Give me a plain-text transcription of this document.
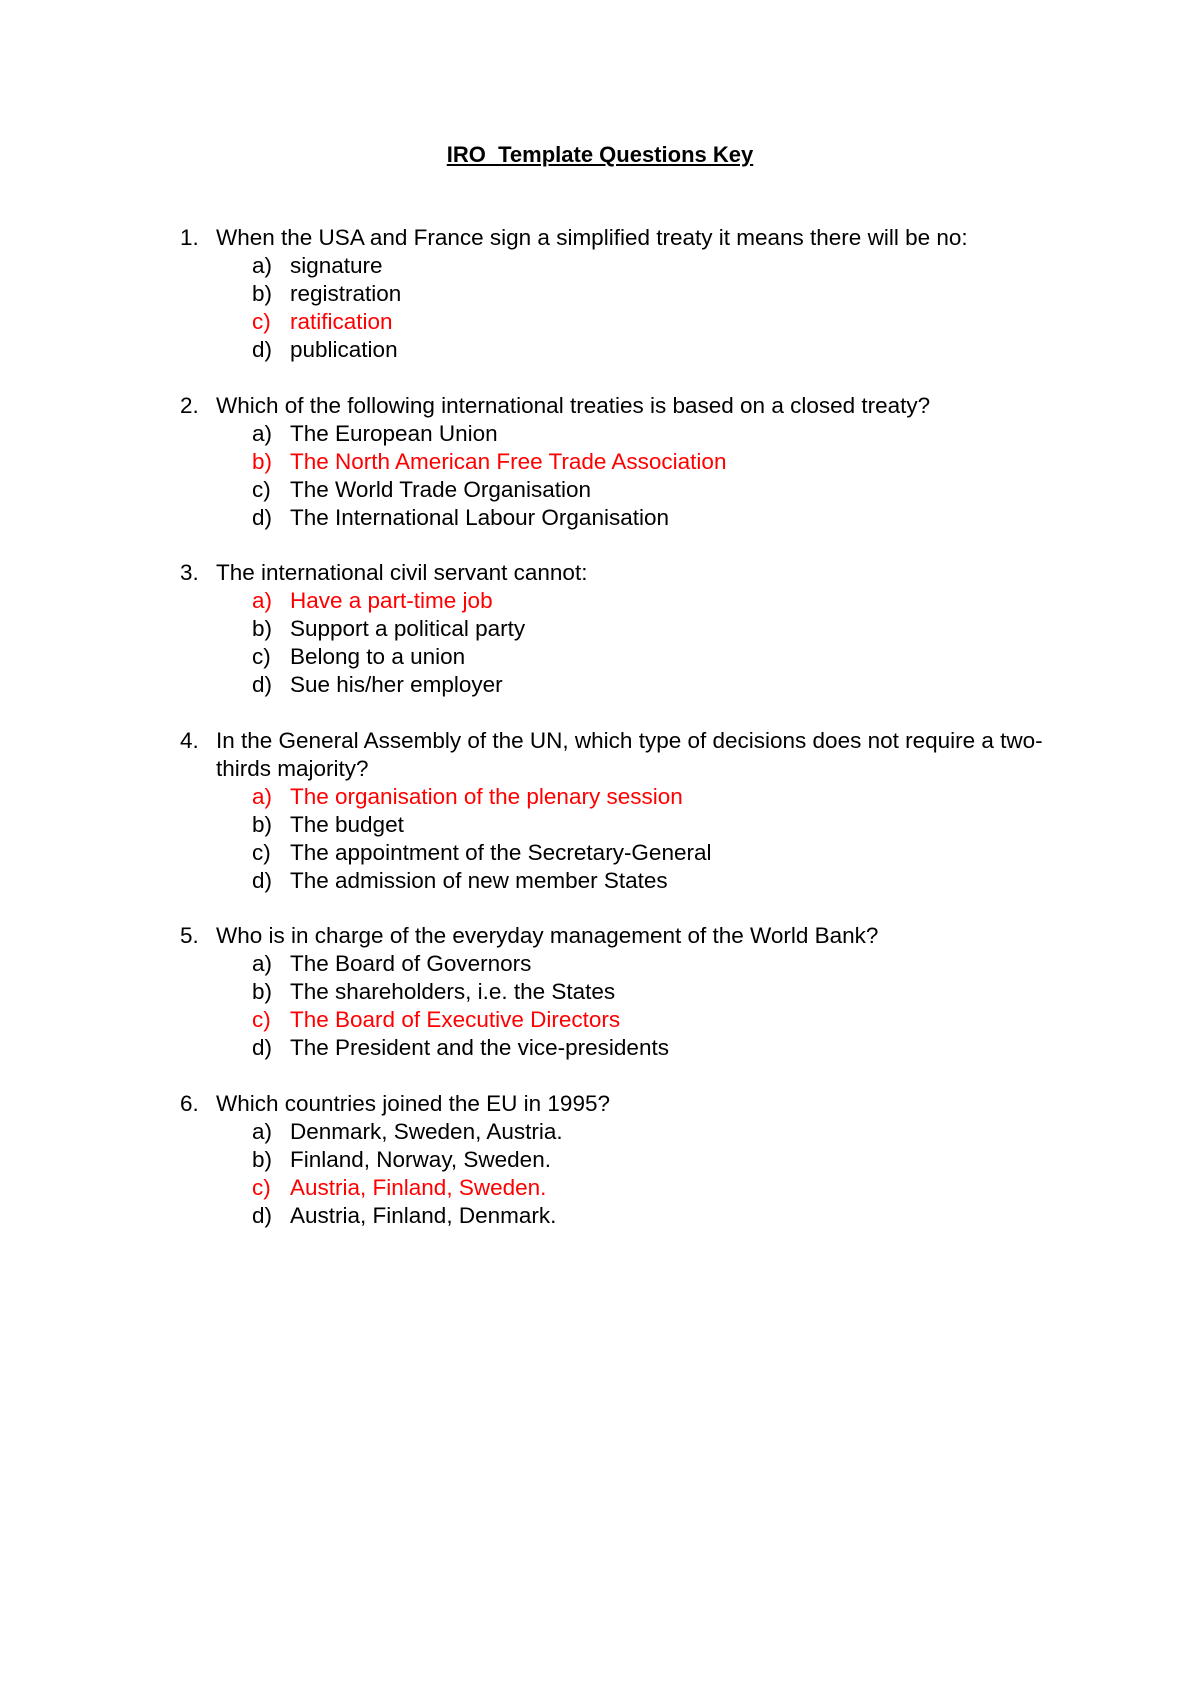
IRO  Template Questions Key
1. When the USA and France sign a simplified treaty it means there will be no:
a) signature
b) registration
c) ratification
d) publication
2. Which of the following international treaties is based on a closed treaty?
a) The European Union
b) The North American Free Trade Association
c) The World Trade Organisation
d) The International Labour Organisation
3. The international civil servant cannot:
a) Have a part-time job
b) Support a political party
c) Belong to a union
d) Sue his/her employer
4. In the General Assembly of the UN, which type of decisions does not require a two-thirds majority?
a) The organisation of the plenary session
b) The budget
c) The appointment of the Secretary-General
d) The admission of new member States
5. Who is in charge of the everyday management of the World Bank?
a) The Board of Governors
b) The shareholders, i.e. the States
c) The Board of Executive Directors
d) The President and the vice-presidents
6. Which countries joined the EU in 1995?
a) Denmark, Sweden, Austria.
b) Finland, Norway, Sweden.
c) Austria, Finland, Sweden.
d) Austria, Finland, Denmark.
